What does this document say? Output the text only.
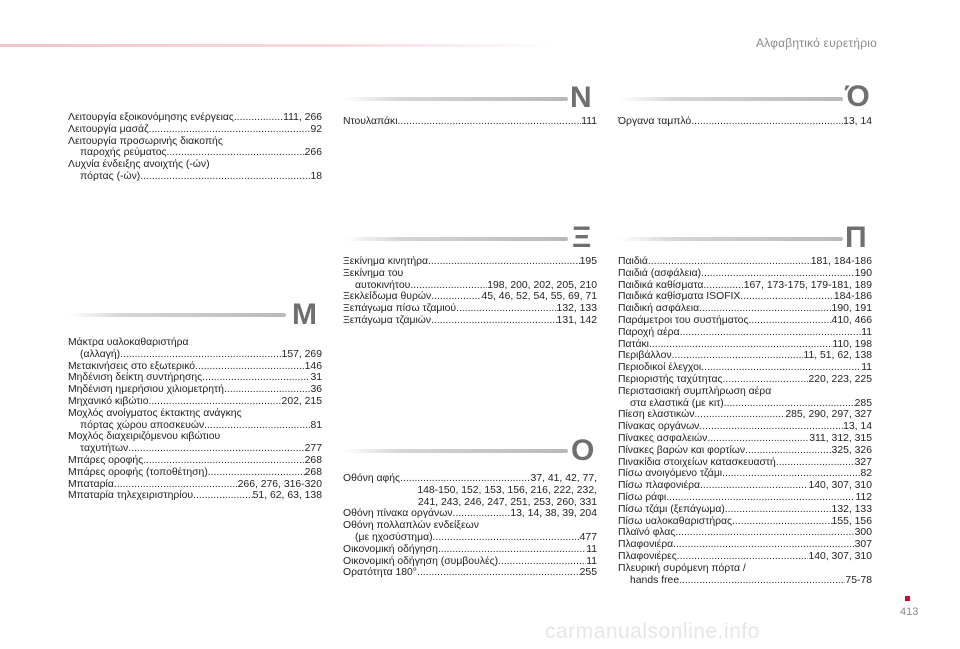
Αλφαβητικό ευρετήριο
Λειτουργία εξοικονόμησης ενέργειας .....	111, 266
Λειτουργία μασάζ .....	92
Λειτουργία προσωρινής διακοπής
παροχής ρεύματος .....	266
Λυχνία ένδειξης ανοιχτής (-ών)
πόρτας (-ών) .....	18
Μ
Μάκτρα υαλοκαθαριστήρα
(αλλαγή) .....	157, 269
Μετακινήσεις στο εξωτερικό .....	146
Μηδένιση δείκτη συντήρησης .....	31
Μηδένιση ημερήσιου χιλιομετρητή .....	36
Μηχανικό κιβώτιο .....	202, 215
Μοχλός ανοίγματος έκτακτης ανάγκης
πόρτας χώρου αποσκευών .....	81
Μοχλός διαχειριζόμενου κιβώτιου
ταχυτήτων .....	277
Μπάρες οροφής .....	268
Μπάρες οροφής (τοποθέτηση) .....	268
Μπαταρία .....	266, 276, 316-320
Μπαταρία τηλεχειριστηρίου .....	51, 62, 63, 138
Ν
Ντουλαπάκι .....	111
Ξ
Ξεκίνημα κινητήρα .....	195
Ξεκίνημα του
αυτοκινήτου .....	198, 200, 202, 205, 210
Ξεκλείδωμα θυρών .....	45, 46, 52, 54, 55, 69, 71
Ξεπάγωμα πίσω τζαμιού .....	132, 133
Ξεπάγωμα τζαμιών .....	131, 142
Ο
Οθόνη αφής .....	37, 41, 42, 77,
148-150, 152, 153, 156, 216, 222, 232,
241, 243, 246, 247, 251, 253, 260, 331
Οθόνη πίνακα οργάνων .....	13, 14, 38, 39, 204
Οθόνη πολλαπλών ενδείξεων
(με ηχοσύστημα) .....	477
Οικονομική οδήγηση .....	11
Οικονομική οδήγηση (συμβουλές) .....	11
Ορατότητα 180° .....	255
Ό
Όργανα ταμπλό .....	13, 14
Π
Παιδιά .....	181, 184-186
Παιδιά (ασφάλεια) .....	190
Παιδικά καθίσματα .....	167, 173-175, 179-181, 189
Παιδικά καθίσματα ISOFIX .....	184-186
Παιδική ασφάλεια .....	190, 191
Παράμετροι του συστήματος .....	410, 466
Παροχή αέρα .....	11
Πατάκι .....	110, 198
Περιβάλλον .....	11, 51, 62, 138
Περιοδικοί έλεγχοι .....	11
Περιοριστής ταχύτητας .....	220, 223, 225
Περιστασιακή συμπλήρωση αέρα
στα ελαστικά (με κιτ) .....	285
Πίεση ελαστικών .....	285, 290, 297, 327
Πίνακας οργάνων .....	13, 14
Πίνακες ασφαλειών .....	311, 312, 315
Πίνακες βαρών και φορτίων .....	325, 326
Πινακίδια στοιχείων κατασκευαστή .....	327
Πίσω ανοιγόμενο τζάμι .....	82
Πίσω πλαφονιέρα .....	140, 307, 310
Πίσω ράφι .....	112
Πίσω τζάμι (ξεπάγωμα) .....	132, 133
Πίσω υαλοκαθαριστήρας .....	155, 156
Πλαϊνό φλας .....	300
Πλαφονιέρα .....	307
Πλαφονιέρες .....	140, 307, 310
Πλευρική συρόμενη πόρτα /
hands free .....	75-78
413
carmanualsonline.info
